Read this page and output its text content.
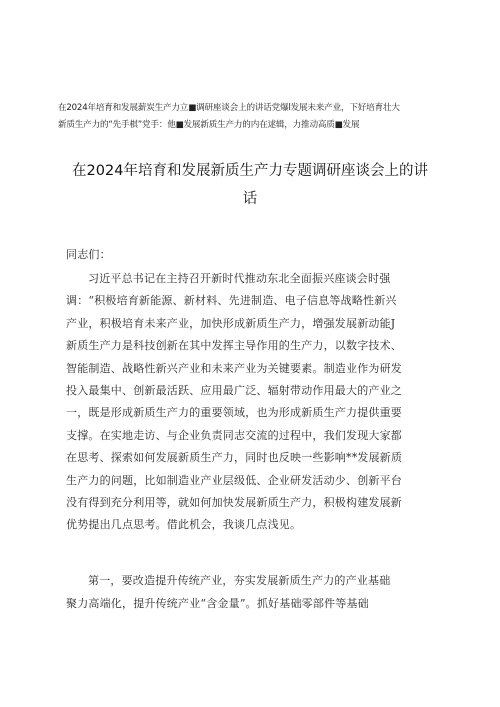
在2024年培育和发展薪炭生产力立■调研座谈会上的讲话党爆l发展未来产业，下好培育壮大
新质生产力的“先手棋”党手：他■发展新质生产力的内在逑辑，力推动高质■发展
在2024年培育和发展新质生产力专题调研座谈会上的讲
话
同志们：
习近平总书记在主持召开新时代推动东北全面振兴座谈会时强
调：“积极培育新能源、新材料、先进制造、电子信息等战略性新兴
产业，积极培育未来产业，加快形成新质生产力，增强发展新动能J
新质生产力是科技创新在其中发挥主导作用的生产力，以数字技术、
智能制造、战略性新兴产业和未来产业为关键要素。制造业作为研发
投入最集中、创新最活跃、应用最广泛、辐射带动作用最大的产业之
一，既是形成新质生产力的重要领域，也为形成新质生产力提供重要
支撑。在实地走访、与企业负责同志交流的过程中，我们发现大家都
在思考、探索如何发展新质生产力，同时也反映一些影响**发展新质
生产力的问题，比如制造业产业层级低、企业研发活动少、创新平台
没有得到充分利用等，就如何加快发展新质生产力，积极构建发展新
优势提出几点思考。借此机会，我谈几点浅见。
第一，要改造提升传统产业，夯实发展新质生产力的产业基础
聚力高端化，提升传统产业“含金量”。抓好基础零部件等基础
